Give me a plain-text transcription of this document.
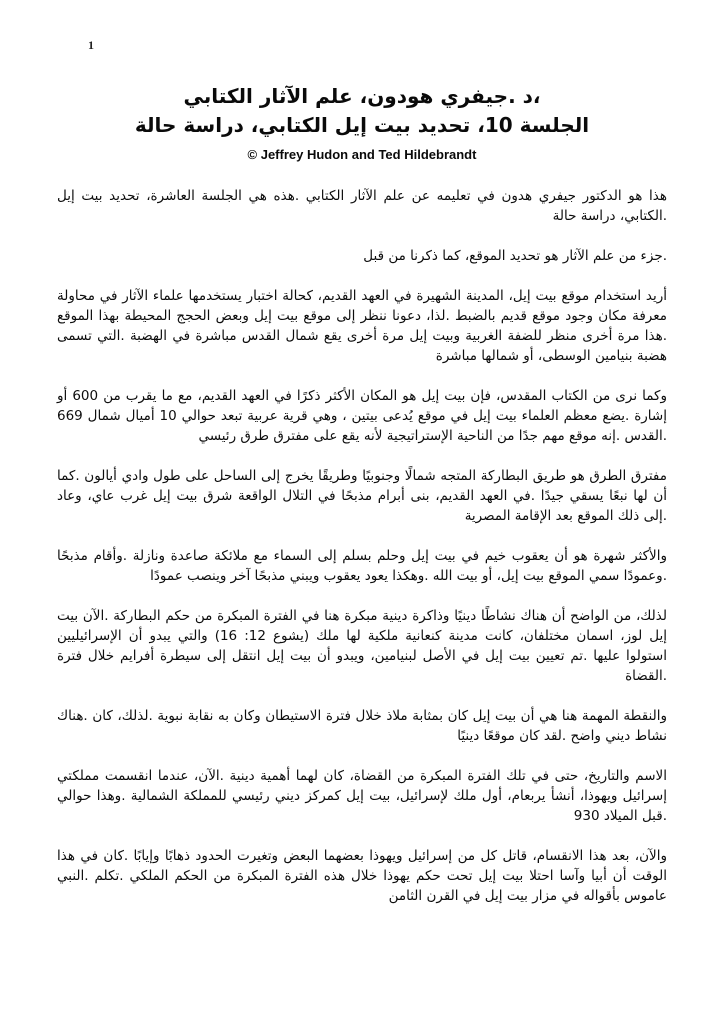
1
،د .جيفري هودون، علم الآثار الكتابي
الجلسة 10، تحديد بيت إيل الكتابي، دراسة حالة
© Jeffrey Hudon and Ted Hildebrandt

هذا هو الدكتور جيفري هدون في تعليمه عن علم الآثار الكتابي .هذه هي الجلسة العاشرة، تحديد بيت إيل .الكتابي، دراسة حالة

.جزء من علم الآثار هو تحديد الموقع، كما ذكرنا من قبل

أريد استخدام موقع بيت إيل، المدينة الشهيرة في العهد القديم، كحالة اختبار يستخدمها علماء الآثار في محاولة معرفة مكان وجود موقع قديم بالضبط .لذا، دعونا ننظر إلى موقع بيت إيل وبعض الحجج المحيطة بهذا الموقع .هذا مرة أخرى منظر للضفة الغربية وبيت إيل مرة أخرى يقع شمال القدس مباشرة في الهضبة .التي تسمى هضبة بنيامين الوسطى، أو شمالها مباشرة

وكما نرى من الكتاب المقدس، فإن بيت إيل هو المكان الأكثر ذكرًا في العهد القديم، مع ما يقرب من 600 أو إشارة .يضع معظم العلماء بيت إيل في موقع يُدعى بيتين ، وهي قرية عربية تبعد حوالي 10 أميال شمال 669 .القدس .إنه موقع مهم جدًا من الناحية الإستراتيجية لأنه يقع على مفترق طرق رئيسي

مفترق الطرق هو طريق البطاركة المتجه شمالًا وجنوبيًا وطريقًا يخرج إلى الساحل على طول وادي أيالون .كما أن لها نبعًا يسقي جيدًا .في العهد القديم، بنى أبرام مذبحًا في التلال الواقعة شرق بيت إيل غرب عاي، وعاد .إلى ذلك الموقع بعد الإقامة المصرية

والأكثر شهرة هو أن يعقوب خيم في بيت إيل وحلم بسلم إلى السماء مع ملائكة صاعدة ونازلة .وأقام مذبحًا .وعمودًا سمي الموقع بيت إيل، أو بيت الله .وهكذا يعود يعقوب ويبني مذبحًا آخر وينصب عمودًا

لذلك، من الواضح أن هناك نشاطًا دينيًا وذاكرة دينية مبكرة هنا في الفترة المبكرة من حكم البطاركة .الآن بيت إيل لوز، اسمان مختلفان، كانت مدينة كنعانية ملكية لها ملك (يشوع 12: 16) والتي يبدو أن الإسرائيليين استولوا عليها .تم تعيين بيت إيل في الأصل لبنيامين، ويبدو أن بيت إيل انتقل إلى سيطرة أفرايم خلال فترة .القضاة

والنقطة المهمة هنا هي أن بيت إيل كان بمثابة ملاذ خلال فترة الاستيطان وكان به نقابة نبوية .لذلك، كان .هناك نشاط ديني واضح .لقد كان موقعًا دينيًا

الاسم والتاريخ، حتى في تلك الفترة المبكرة من القضاة، كان لهما أهمية دينية .الآن، عندما انقسمت مملكتي إسرائيل ويهوذا، أنشأ يربعام، أول ملك لإسرائيل، بيت إيل كمركز ديني رئيسي للمملكة الشمالية .وهذا حوالي .قبل الميلاد 930

والآن، بعد هذا الانقسام، قاتل كل من إسرائيل ويهوذا بعضهما البعض وتغيرت الحدود ذهابًا وإيابًا .كان في هذا الوقت أن أبيا وآسا احتلا بيت إيل تحت حكم يهوذا خلال هذه الفترة المبكرة من الحكم الملكي .تكلم .النبي عاموس بأقواله في مزار بيت إيل في القرن الثامن
